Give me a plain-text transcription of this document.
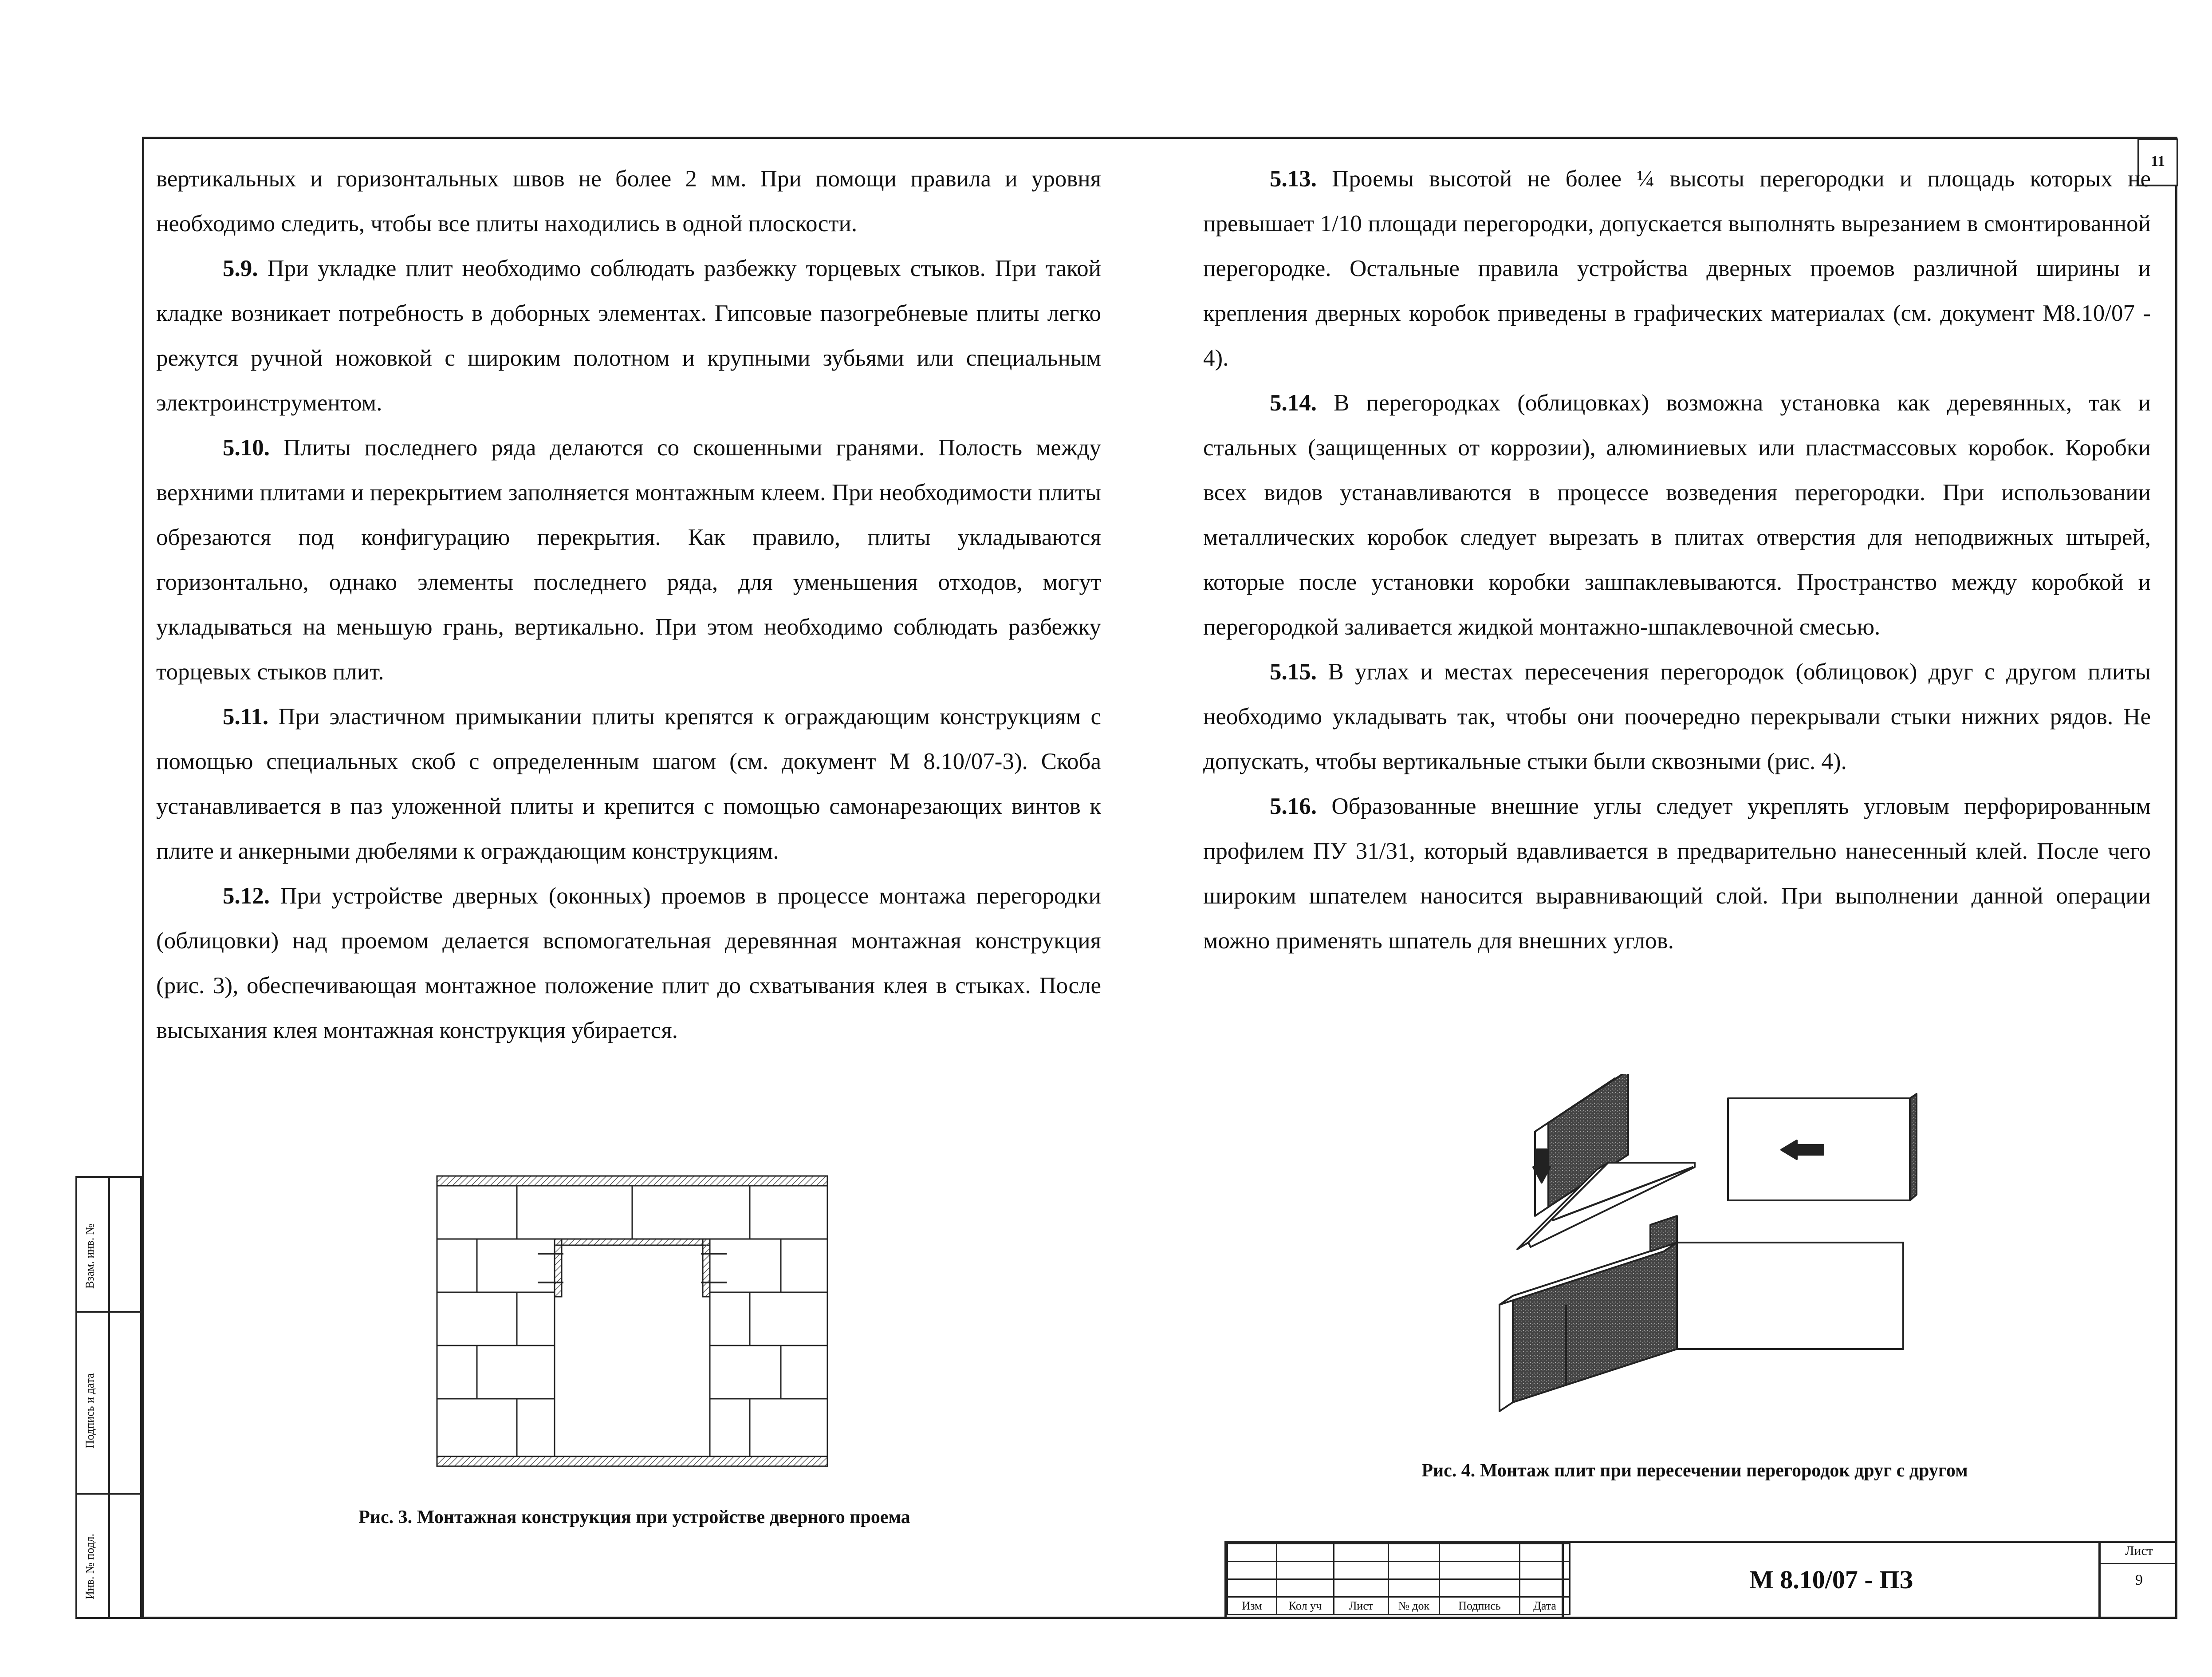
11

вертикальных и горизонтальных швов не более 2 мм. При помощи правила и уровня необходимо следить, чтобы все плиты находились в одной плоскости.

5.9. При укладке плит необходимо соблюдать разбежку торцевых стыков. При такой кладке возникает потребность в доборных элементах. Гипсовые пазогребневые плиты легко режутся ручной ножовкой с широким полотном и крупными зубьями или специальным электроинструментом.

5.10. Плиты последнего ряда делаются со скошенными гранями. Полость между верхними плитами и перекрытием заполняется монтажным клеем. При необходимости плиты обрезаются под конфигурацию перекрытия. Как правило, плиты укладываются горизонтально, однако элементы последнего ряда, для уменьшения отходов, могут укладываться на меньшую грань, вертикально. При этом необходимо соблюдать разбежку торцевых стыков плит.

5.11. При эластичном примыкании плиты крепятся к ограждающим конструкциям с помощью специальных скоб с определенным шагом (см. документ М 8.10/07-3). Скоба устанавливается в паз уложенной плиты и крепится с помощью самонарезающих винтов к плите и анкерными дюбелями к ограждающим конструкциям.

5.12. При устройстве дверных (оконных) проемов в процессе монтажа перегородки (облицовки) над проемом делается вспомогательная деревянная монтажная конструкция (рис. 3), обеспечивающая монтажное положение плит до схватывания клея в стыках. После высыхания клея монтажная конструкция убирается.

5.13. Проемы высотой не более ¼ высоты перегородки и площадь которых не превышает 1/10 площади перегородки, допускается выполнять вырезанием в смонтированной перегородке. Остальные правила устройства дверных проемов различной ширины и крепления дверных коробок приведены в графических материалах (см. документ М8.10/07 - 4).

5.14. В перегородках (облицовках) возможна установка как деревянных, так и стальных (защищенных от коррозии), алюминиевых или пластмассовых коробок. Коробки всех видов устанавливаются в процессе возведения перегородки. При использовании металлических коробок следует вырезать в плитах отверстия для неподвижных штырей, которые после установки коробки зашпаклевываются. Пространство между коробкой и перегородкой заливается жидкой монтажно-шпаклевочной смесью.

5.15. В углах и местах пересечения перегородок (облицовок) друг с другом плиты необходимо укладывать так, чтобы они поочередно перекрывали стыки нижних рядов. Не допускать, чтобы вертикальные стыки были сквозными (рис. 4).

5.16. Образованные внешние углы следует укреплять угловым перфорированным профилем ПУ 31/31, который вдавливается в предварительно нанесенный клей. После чего широким шпателем наносится выравнивающий слой. При выполнении данной операции можно применять шпатель для внешних углов.

Рис. 3. Монтажная конструкция при устройстве дверного проема
Рис. 4. Монтаж плит при пересечении перегородок друг с другом
Взам. инв. №
Подпись и дата
Инв. № подл.

Изм	Кол уч	Лист	№ док	Подпись	Дата
М 8.10/07 - ПЗ
Лист
9
